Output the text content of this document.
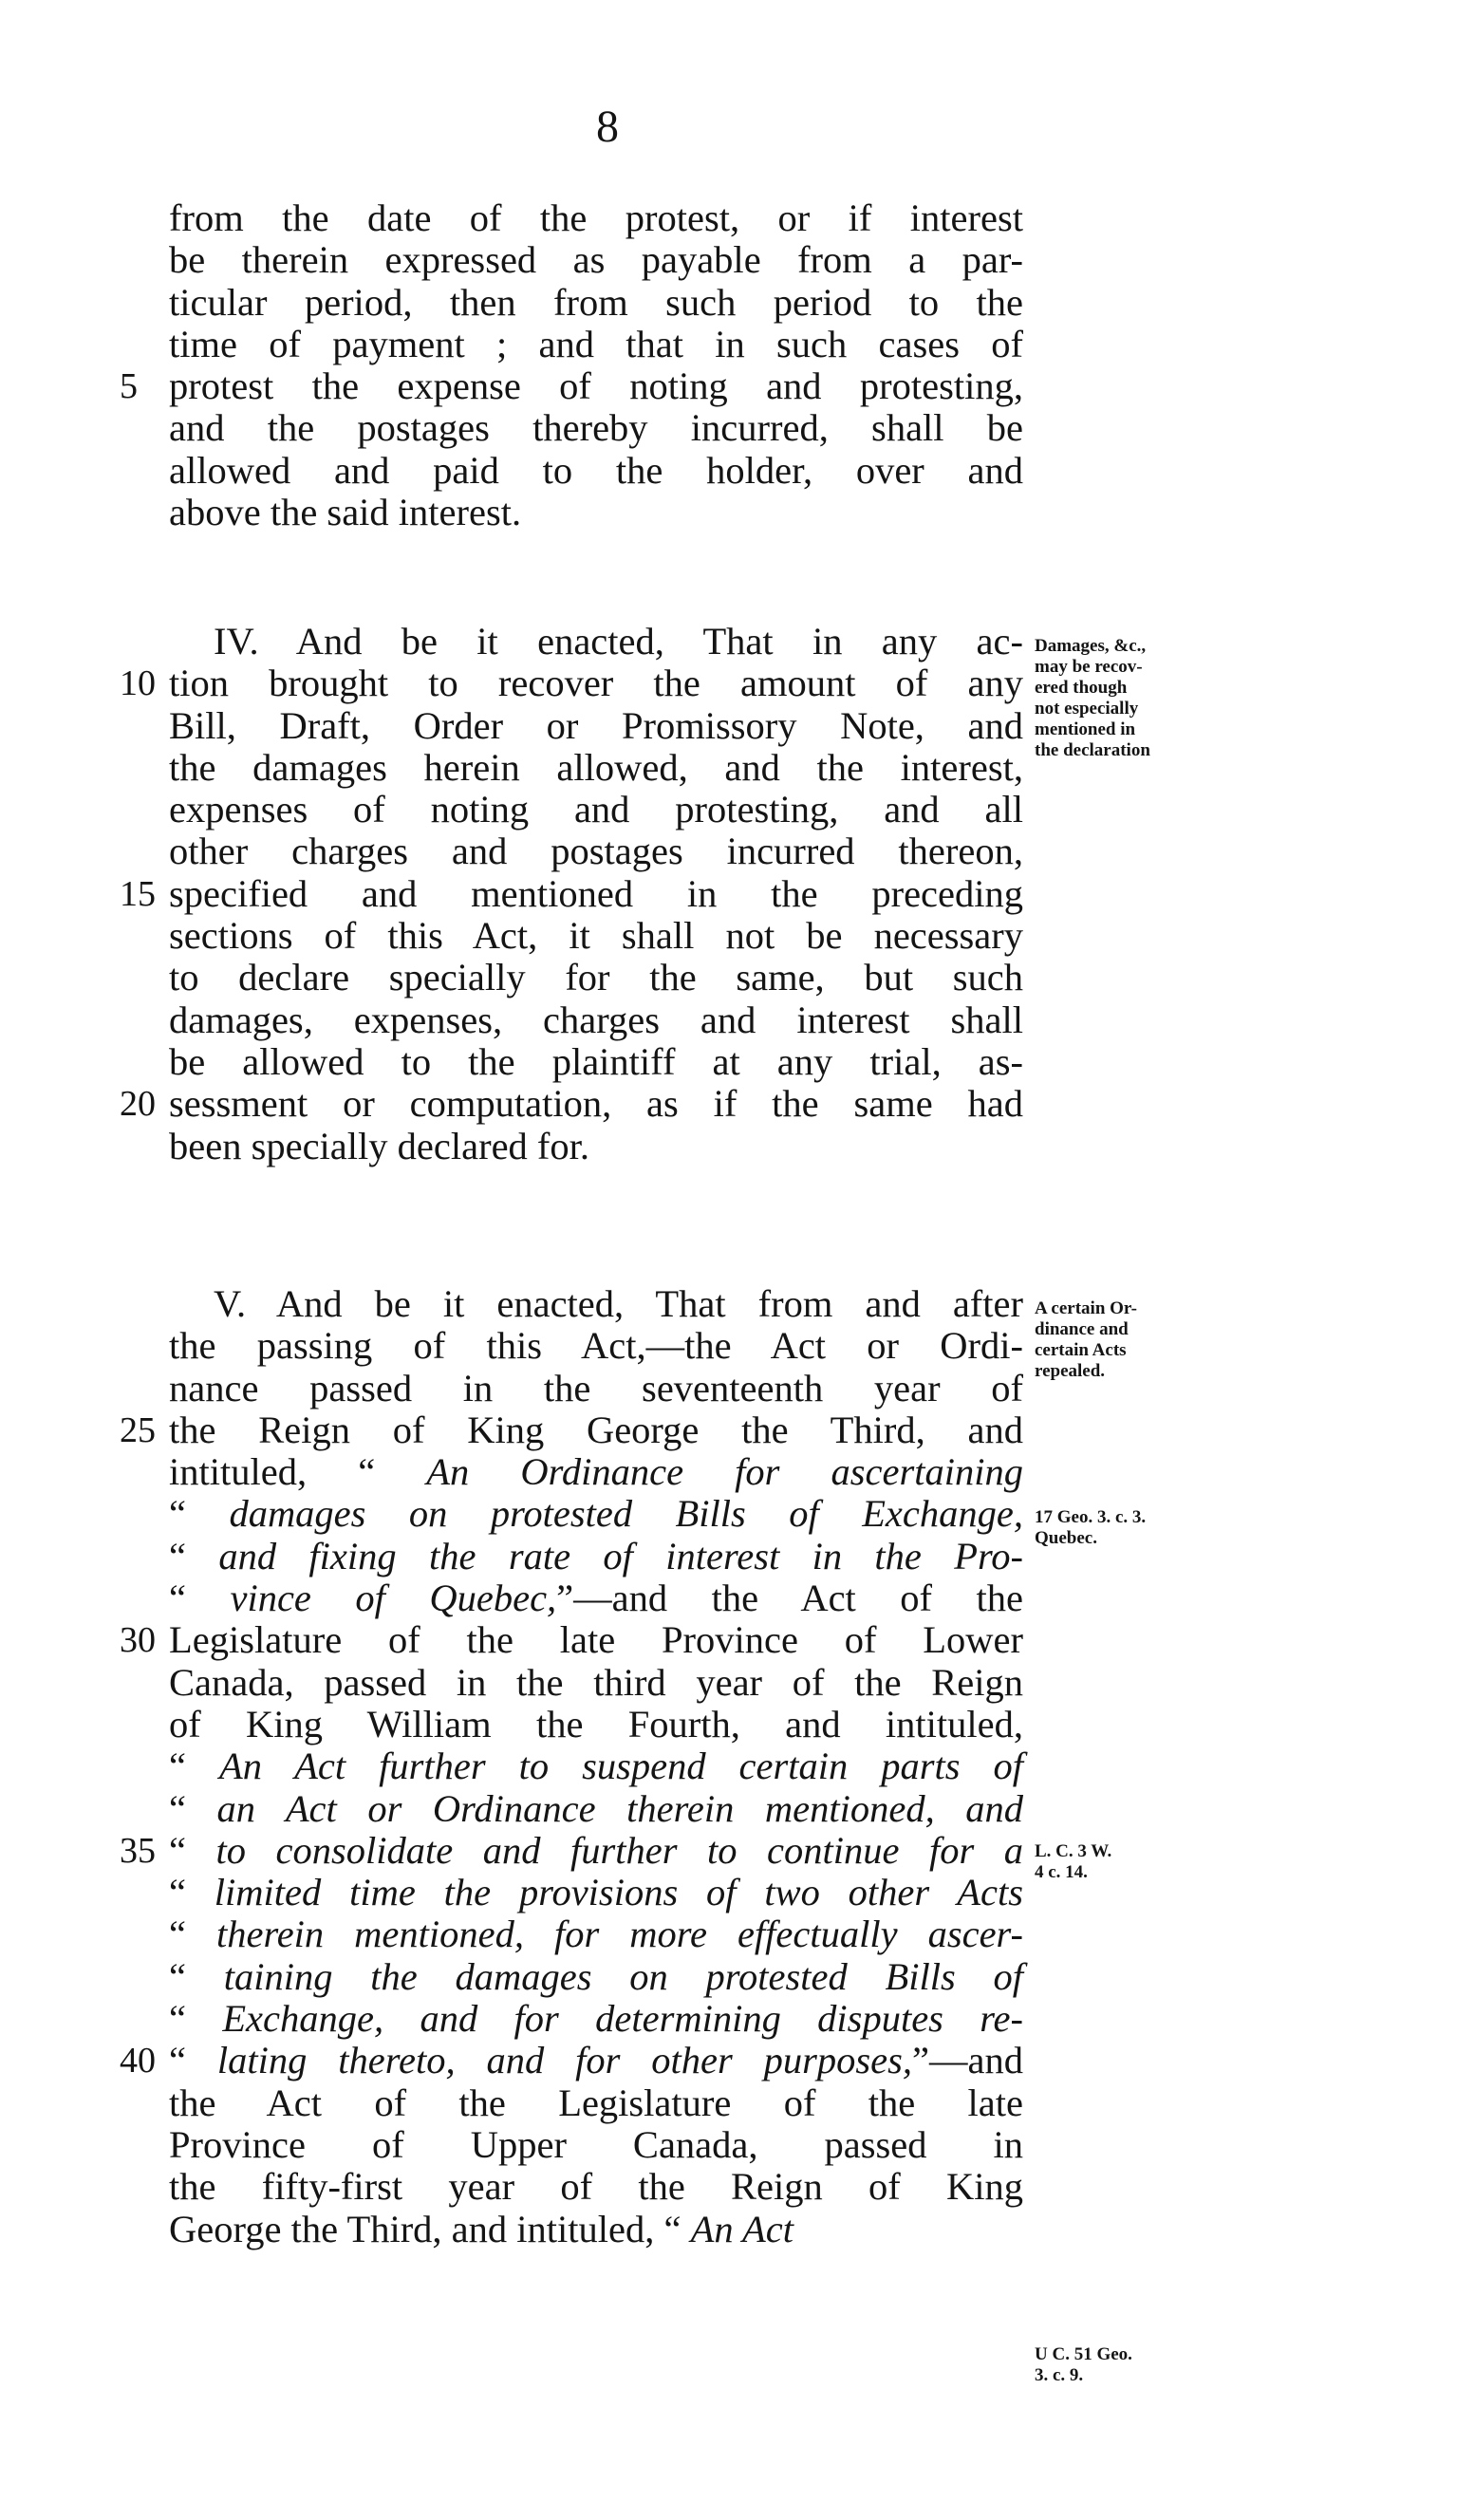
8
from the date of the protest, or if interest
be therein expressed as payable from a par-
ticular period, then from such period to the
time of payment ; and that in such cases of
5 protest the expense of noting and protesting,
and the postages thereby incurred, shall be
allowed and paid to the holder, over and
above the said interest.
IV. And be it enacted, That in any ac-
10 tion brought to recover the amount of any
Bill, Draft, Order or Promissory Note, and
the damages herein allowed, and the interest,
expenses of noting and protesting, and all
other charges and postages incurred thereon,
15 specified and mentioned in the preceding
sections of this Act, it shall not be necessary
to declare specially for the same, but such
damages, expenses, charges and interest shall
be allowed to the plaintiff at any trial, as-
20 sessment or computation, as if the same had
been specially declared for.
V. And be it enacted, That from and after
the passing of this Act,—the Act or Ordi-
nance passed in the seventeenth year of
25 the Reign of King George the Third, and
intituled, “ An Ordinance for ascertaining
“ damages on protested Bills of Exchange,
“ and fixing the rate of interest in the Pro-
“ vince of Quebec,”—and the Act of the
30 Legislature of the late Province of Lower
Canada, passed in the third year of the Reign
of King William the Fourth, and intituled,
“ An Act further to suspend certain parts of
“ an Act or Ordinance therein mentioned, and
35 “ to consolidate and further to continue for a
“ limited time the provisions of two other Acts
“ therein mentioned, for more effectually ascer-
“ taining the damages on protested Bills of
“ Exchange, and for determining disputes re-
40 “ lating thereto, and for other purposes,”—and
the Act of the Legislature of the late
Province of Upper Canada, passed in
the fifty-first year of the Reign of King
George the Third, and intituled, “ An Act
Damages, &c.,
may be recov-
ered though
not especially
mentioned in
the declaration
A certain Or-
dinance and
certain Acts
repealed.
17 Geo. 3. c. 3.
Quebec.
L. C. 3 W.
4 c. 14.
U C. 51 Geo.
3. c. 9.
